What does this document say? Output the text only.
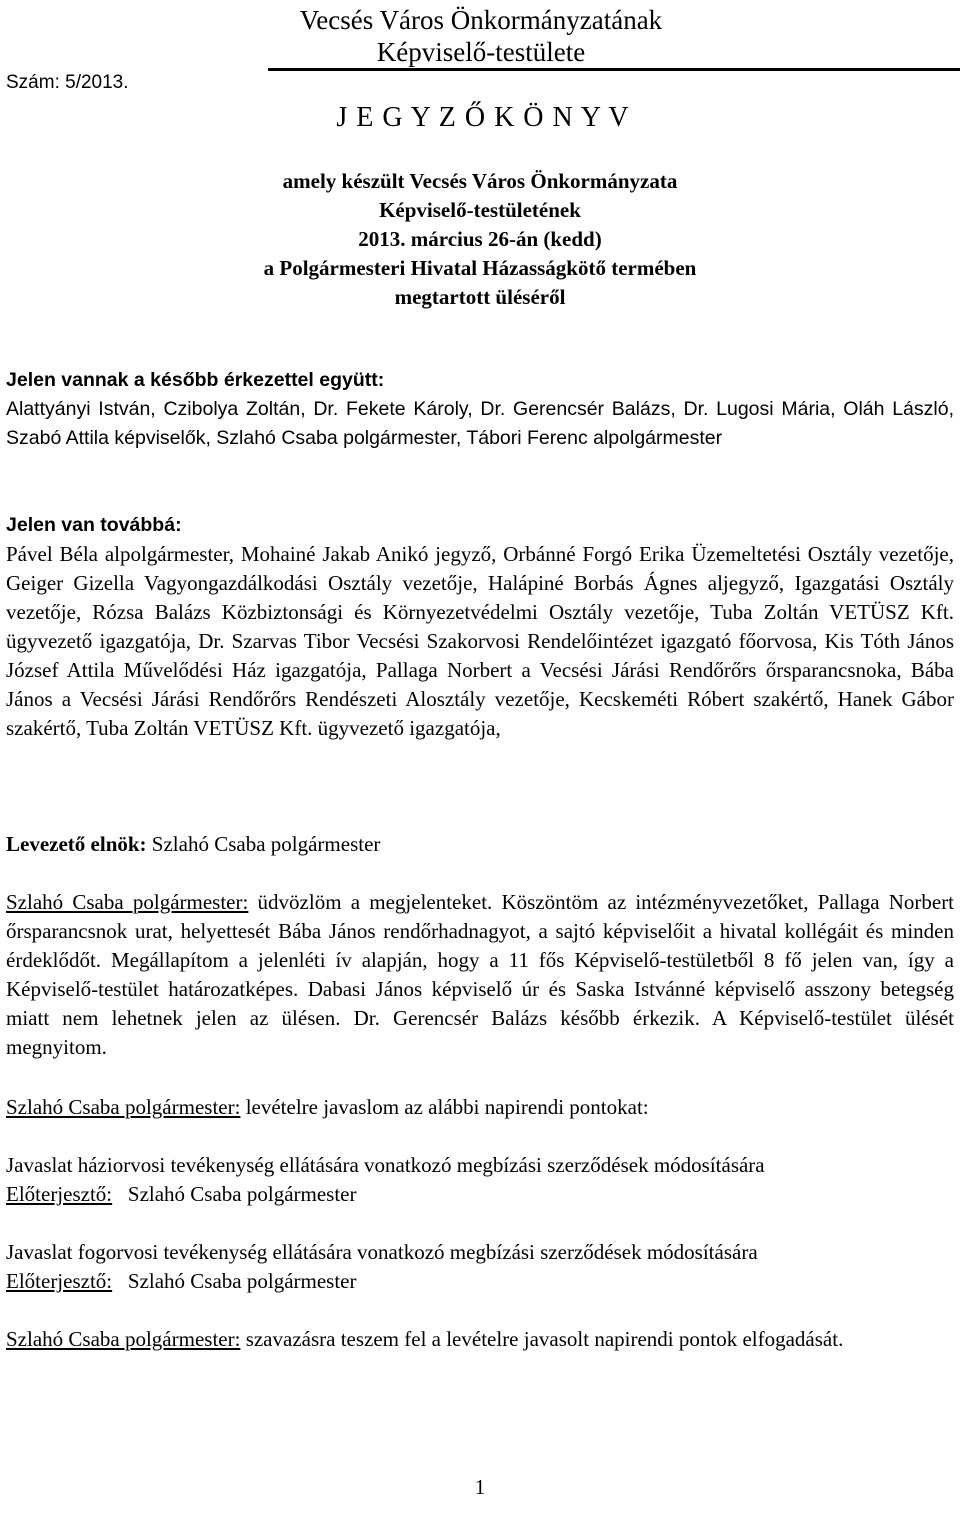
Szám: 5/2013.
Vecsés Város Önkormányzatának
Képviselő-testülete
J E G Y Z Ő K Ö N Y V
amely készült Vecsés Város Önkormányzata
Képviselő-testületének
2013. március 26-án (kedd)
a Polgármesteri Hivatal Házasságkötő termében
megtartott üléséről
Jelen vannak a később érkezettel együtt:
Alattyányi István, Czibolya Zoltán, Dr. Fekete Károly, Dr. Gerencsér Balázs, Dr. Lugosi Mária, Oláh László, Szabó Attila képviselők, Szlahó Csaba polgármester, Tábori Ferenc alpolgármester
Jelen van továbbá:
Pável Béla alpolgármester, Mohainé Jakab Anikó jegyző, Orbánné Forgó Erika Üzemeltetési Osztály vezetője, Geiger Gizella Vagyongazdálkodási Osztály vezetője, Halápiné Borbás Ágnes aljegyző, Igazgatási Osztály vezetője, Rózsa Balázs Közbiztonsági és Környezetvédelmi Osztály vezetője, Tuba Zoltán VETÜSZ Kft. ügyvezető igazgatója, Dr. Szarvas Tibor Vecsési Szakorvosi Rendelőintézet igazgató főorvosa, Kis Tóth János József Attila Művelődési Ház igazgatója, Pallaga Norbert a Vecsési Járási Rendőrőrs őrsparancsnoka, Bába János a Vecsési Járási Rendőrőrs Rendészeti Alosztály vezetője, Kecskeméti Róbert szakértő, Hanek Gábor szakértő, Tuba Zoltán VETÜSZ Kft. ügyvezető igazgatója,
Levezető elnök: Szlahó Csaba polgármester
Szlahó Csaba polgármester: üdvözlöm a megjelenteket. Köszöntöm az intézményvezetőket, Pallaga Norbert őrsparancsnok urat, helyettesét Bába János rendőrhadnagyot, a sajtó képviselőit a hivatal kollégáit és minden érdeklődőt. Megállapítom a jelenléti ív alapján, hogy a 11 fős Képviselő-testületből 8 fő jelen van, így a Képviselő-testület határozatképes. Dabasi János képviselő úr és Saska Istvánné képviselő asszony betegség miatt nem lehetnek jelen az ülésen. Dr. Gerencsér Balázs később érkezik. A Képviselő-testület ülését megnyitom.
Szlahó Csaba polgármester: levételre javaslom az alábbi napirendi pontokat:
Javaslat háziorvosi tevékenység ellátására vonatkozó megbízási szerződések módosítására
Előterjesztő: Szlahó Csaba polgármester
Javaslat fogorvosi tevékenység ellátására vonatkozó megbízási szerződések módosítására
Előterjesztő: Szlahó Csaba polgármester
Szlahó Csaba polgármester: szavazásra teszem fel a levételre javasolt napirendi pontok elfogadását.
1
